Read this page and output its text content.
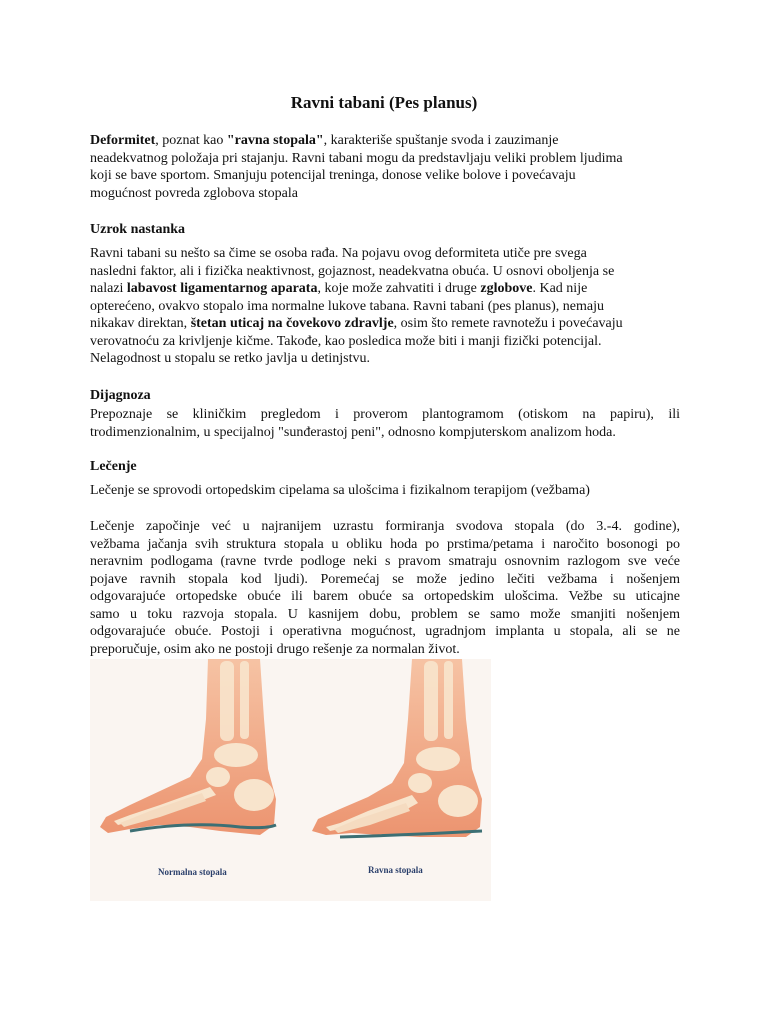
Ravni tabani (Pes planus)
Deformitet, poznat kao "ravna stopala", karakteriše spuštanje svoda i zauzimanje
neadekvatnog položaja pri stajanju. Ravni tabani mogu da predstavljaju veliki problem ljudima
koji se bave sportom. Smanjuju potencijal treninga, donose velike bolove i povećavaju
mogućnost povreda zglobova stopala
Uzrok nastanka
Ravni tabani su nešto sa čime se osoba rađa. Na pojavu ovog deformiteta utiče pre svega
nasledni faktor, ali i fizička neaktivnost, gojaznost, neadekvatna obuća. U osnovi oboljenja se
nalazi labavost ligamentarnog aparata, koje može zahvatiti i druge zglobove. Kad nije
opterećeno, ovakvo stopalo ima normalne lukove tabana. Ravni tabani (pes planus), nemaju
nikakav direktan, štetan uticaj na čovekovo zdravlje, osim što remete ravnotežu i povećavaju
verovatnoću za krivljenje kičme. Takođe, kao posledica može biti i manji fizički potencijal.
Nelagodnost u stopalu se retko javlja u detinjstvu.
Dijagnoza
Prepoznaje se kliničkim pregledom i proverom plantogramom (otiskom na papiru), ili
trodimenzionalnim, u specijalnoj "sunđerastoj peni", odnosno kompjuterskom analizom hoda.
Lečenje
Lečenje se sprovodi ortopedskim cipelama sa ulošcima i fizikalnom terapijom (vežbama)
Lečenje započinje već u najranijem uzrastu formiranja svodova stopala (do 3.-4. godine),
vežbama jačanja svih struktura stopala u obliku hoda po prstima/petama i naročito bosonogi po
neravnim podlogama (ravne tvrde podloge neki s pravom smatraju osnovnim razlogom sve veće
pojave ravnih stopala kod ljudi). Poremećaj se može jedino lečiti vežbama i nošenjem
odgovarajuće ortopedske obuće ili barem obuće sa ortopedskim ulošcima. Vežbe su uticajne
samo u toku razvoja stopala. U kasnijem dobu, problem se samo može smanjiti nošenjem
odgovarajuće obuće. Postoji i operativna mogućnost, ugradnjom implanta u stopala, ali se ne
preporučuje, osim ako ne postoji drugo rešenje za normalan život.
Normalna stopala	Ravna stopala
